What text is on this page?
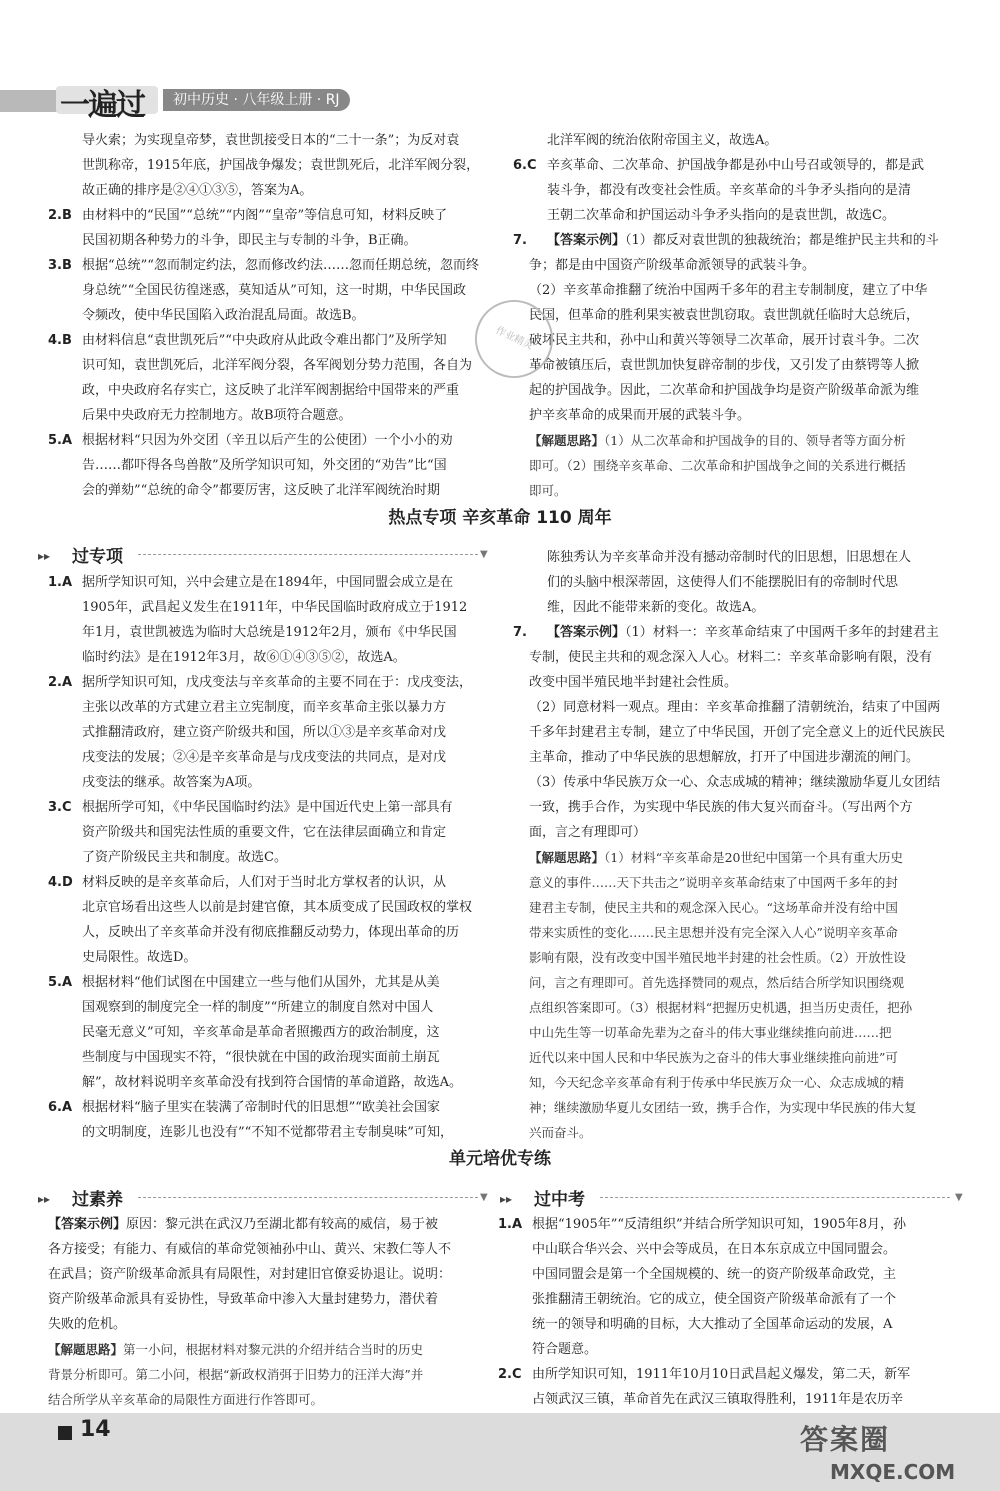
一遍过	初中历史 · 八年级上册 · RJ
导火索；为实现皇帝梦，袁世凯接受日本的“二十一条”；为反对袁
世凯称帝，1915年底，护国战争爆发；袁世凯死后，北洋军阀分裂，
故正确的排序是②④①③⑤，答案为A。
2.B 由材料中的“民国”“总统”“内阁”“皇帝”等信息可知，材料反映了
民国初期各种势力的斗争，即民主与专制的斗争，B正确。
3.B 根据“总统”“忽而制定约法，忽而修改约法……忽而任期总统，忽而终
身总统”“全国民彷徨迷惑，莫知适从”可知，这一时期，中华民国政
令频改，使中华民国陷入政治混乱局面。故选B。
4.B 由材料信息“袁世凯死后”“中央政府从此政令难出都门”及所学知
识可知，袁世凯死后，北洋军阀分裂，各军阀划分势力范围，各自为
政，中央政府名存实亡，这反映了北洋军阀割据给中国带来的严重
后果中央政府无力控制地方。故B项符合题意。
5.A 根据材料“只因为外交团（辛丑以后产生的公使团）一个小小的劝
告……都吓得各鸟兽散”及所学知识可知，外交团的“劝告”比“国
会的弹劾”“总统的命令”都要厉害，这反映了北洋军阀统治时期
北洋军阀的统治依附帝国主义，故选A。
6.C 辛亥革命、二次革命、护国战争都是孙中山号召或领导的，都是武
装斗争，都没有改变社会性质。辛亥革命的斗争矛头指向的是清
王朝二次革命和护国运动斗争矛头指向的是袁世凯，故选C。
7. 【答案示例】（1）都反对袁世凯的独裁统治；都是维护民主共和的斗
争；都是由中国资产阶级革命派领导的武装斗争。
（2）辛亥革命推翻了统治中国两千多年的君主专制制度，建立了中华
民国，但革命的胜利果实被袁世凯窃取。袁世凯就任临时大总统后，
破坏民主共和，孙中山和黄兴等领导二次革命，展开讨袁斗争。二次
革命被镇压后，袁世凯加快复辟帝制的步伐，又引发了由蔡锷等人掀
起的护国战争。因此，二次革命和护国战争均是资产阶级革命派为维
护辛亥革命的成果而开展的武装斗争。
【解题思路】（1）从二次革命和护国战争的目的、领导者等方面分析
即可。（2）围绕辛亥革命、二次革命和护国战争之间的关系进行概括
即可。
作业精灵
热点专项 辛亥革命 110 周年
▸▸ 过专项	▼
1.A 据所学知识可知，兴中会建立是在1894年，中国同盟会成立是在
1905年，武昌起义发生在1911年，中华民国临时政府成立于1912
年1月，袁世凯被选为临时大总统是1912年2月，颁布《中华民国
临时约法》是在1912年3月，故⑥①④③⑤②，故选A。
2.A 据所学知识可知，戊戌变法与辛亥革命的主要不同在于：戊戌变法，
主张以改革的方式建立君主立宪制度，而辛亥革命主张以暴力方
式推翻清政府，建立资产阶级共和国，所以①③是辛亥革命对戊
戌变法的发展；②④是辛亥革命是与戊戌变法的共同点，是对戊
戌变法的继承。故答案为A项。
3.C 根据所学可知，《中华民国临时约法》是中国近代史上第一部具有
资产阶级共和国宪法性质的重要文件，它在法律层面确立和肯定
了资产阶级民主共和制度。故选C。
4.D 材料反映的是辛亥革命后，人们对于当时北方掌权者的认识，从
北京官场看出这些人以前是封建官僚，其本质变成了民国政权的掌权
人，反映出了辛亥革命并没有彻底推翻反动势力，体现出革命的历
史局限性。故选D。
5.A 根据材料“他们试图在中国建立一些与他们从国外，尤其是从美
国观察到的制度完全一样的制度”“所建立的制度自然对中国人
民毫无意义”可知，辛亥革命是革命者照搬西方的政治制度，这
些制度与中国现实不符，“很快就在中国的政治现实面前土崩瓦
解”，故材料说明辛亥革命没有找到符合国情的革命道路，故选A。
6.A 根据材料“脑子里实在装满了帝制时代的旧思想”“欧美社会国家
的文明制度，连影儿也没有”“不知不觉都带君主专制臭味”可知，
陈独秀认为辛亥革命并没有撼动帝制时代的旧思想，旧思想在人
们的头脑中根深蒂固，这使得人们不能摆脱旧有的帝制时代思
维，因此不能带来新的变化。故选A。
7. 【答案示例】（1）材料一：辛亥革命结束了中国两千多年的封建君主
专制，使民主共和的观念深入人心。材料二：辛亥革命影响有限，没有
改变中国半殖民地半封建社会性质。
（2）同意材料一观点。理由：辛亥革命推翻了清朝统治，结束了中国两
千多年封建君主专制，建立了中华民国，开创了完全意义上的近代民族民
主革命，推动了中华民族的思想解放，打开了中国进步潮流的闸门。
（3）传承中华民族万众一心、众志成城的精神；继续激励华夏儿女团结
一致，携手合作，为实现中华民族的伟大复兴而奋斗。（写出两个方
面，言之有理即可）
【解题思路】（1）材料“辛亥革命是20世纪中国第一个具有重大历史
意义的事件……天下共击之”说明辛亥革命结束了中国两千多年的封
建君主专制，使民主共和的观念深入民心。“这场革命并没有给中国
带来实质性的变化……民主思想并没有完全深入人心”说明辛亥革命
影响有限，没有改变中国半殖民地半封建的社会性质。（2）开放性设
问，言之有理即可。首先选择赞同的观点，然后结合所学知识围绕观
点组织答案即可。（3）根据材料“把握历史机遇，担当历史责任，把孙
中山先生等一切革命先辈为之奋斗的伟大事业继续推向前进……把
近代以来中国人民和中华民族为之奋斗的伟大事业继续推向前进”可
知，今天纪念辛亥革命有利于传承中华民族万众一心、众志成城的精
神；继续激励华夏儿女团结一致，携手合作，为实现中华民族的伟大复
兴而奋斗。
单元培优专练
▸▸ 过素养	▼
【答案示例】原因：黎元洪在武汉乃至湖北都有较高的威信，易于被
各方接受；有能力、有威信的革命党领袖孙中山、黄兴、宋教仁等人不
在武昌；资产阶级革命派具有局限性，对封建旧官僚妥协退让。说明：
资产阶级革命派具有妥协性，导致革命中渗入大量封建势力，潜伏着
失败的危机。
【解题思路】第一小问，根据材料对黎元洪的介绍并结合当时的历史
背景分析即可。第二小问，根据“新政权消弭于旧势力的汪洋大海”并
结合所学从辛亥革命的局限性方面进行作答即可。
▸▸ 过中考	▼
1.A 根据“1905年”“反清组织”并结合所学知识可知，1905年8月，孙
中山联合华兴会、兴中会等成员，在日本东京成立中国同盟会。
中国同盟会是第一个全国规模的、统一的资产阶级革命政党，主
张推翻清王朝统治。它的成立，使全国资产阶级革命派有了一个
统一的领导和明确的目标，大大推动了全国革命运动的发展，A
符合题意。
2.C 由所学知识可知，1911年10月10日武昌起义爆发，第二天，新军
占领武汉三镇，革命首先在武汉三镇取得胜利，1911年是农历辛
14	答案圈
MXQE.COM
